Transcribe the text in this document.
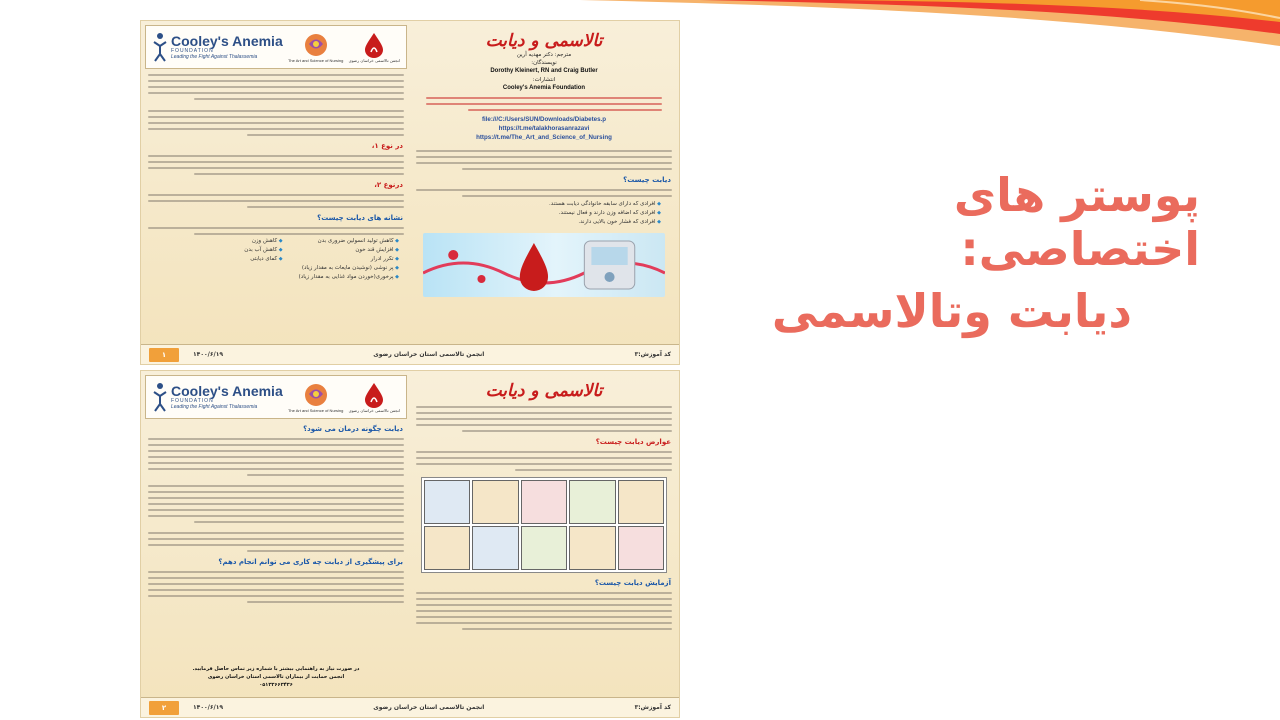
Cooley's Anemia
FOUNDATION
Leading the Fight Against Thalassemia	The Art and Science of Nursing انجمن تالاسمی خراسان رضوی
در نوع ۱،
درنوع ۲،
نشانه های دیابت چیست؟
◆ کاهش تولید انسولین ضروری بدن
◆ افزایش قند خون
◆ تکرر ادرار
◆ پر نوشی (نوشیدن مایعات به مقدار زیاد)
◆ پرخوری(خوردن مواد غذایی به مقدار زیاد)
◆ کاهش وزن
◆ کاهش آب بدن
◆ کمای دیابتی
تالاسمی و دیابت
مترجم: دکتر مهدیه آرین
نویسندگان:
Dorothy Kleinert, RN and Craig Butler
انتشارات:
Cooley's Anemia Foundation
file:///C:/Users/SUN/Downloads/Diabetes.p
https://t.me/talakhorasanrazavi
https://t.me/The_Art_and_Science_of_Nursing
دیابت چیست؟
◆ افرادی که دارای سابقه خانوادگی دیابت هستند.
◆ افرادی که اضافه وزن دارند و فعال نیستند.
◆ افرادی که فشار خون بالایی دارند.
کد آموزش:۳
انجمن تالاسمی استان خراسان رضوی
۱۴۰۰/۶/۱۹
۱
Cooley's Anemia
FOUNDATION
Leading the Fight Against Thalassemia	The Art and Science of Nursing انجمن تالاسمی خراسان رضوی
دیابت چگونه درمان می شود؟
برای پیشگیری از دیابت چه کاری می توانم انجام دهم؟
در صورت نیاز به راهنمایی بیشتر با شماره زیر تماس حاصل فرمایید.
انجمن حمایت از بیماران تالاسمی استان خراسان رضوی
۰۵۱۳۳۶۶۳۴۳۶
تالاسمی و دیابت
عوارض دیابت چیست؟
آزمایش دیابت چیست؟
کد آموزش:۳
انجمن تالاسمی استان خراسان رضوی
۱۴۰۰/۶/۱۹
۲
پوستر های اختصاصی:
دیابت وتالاسمی
